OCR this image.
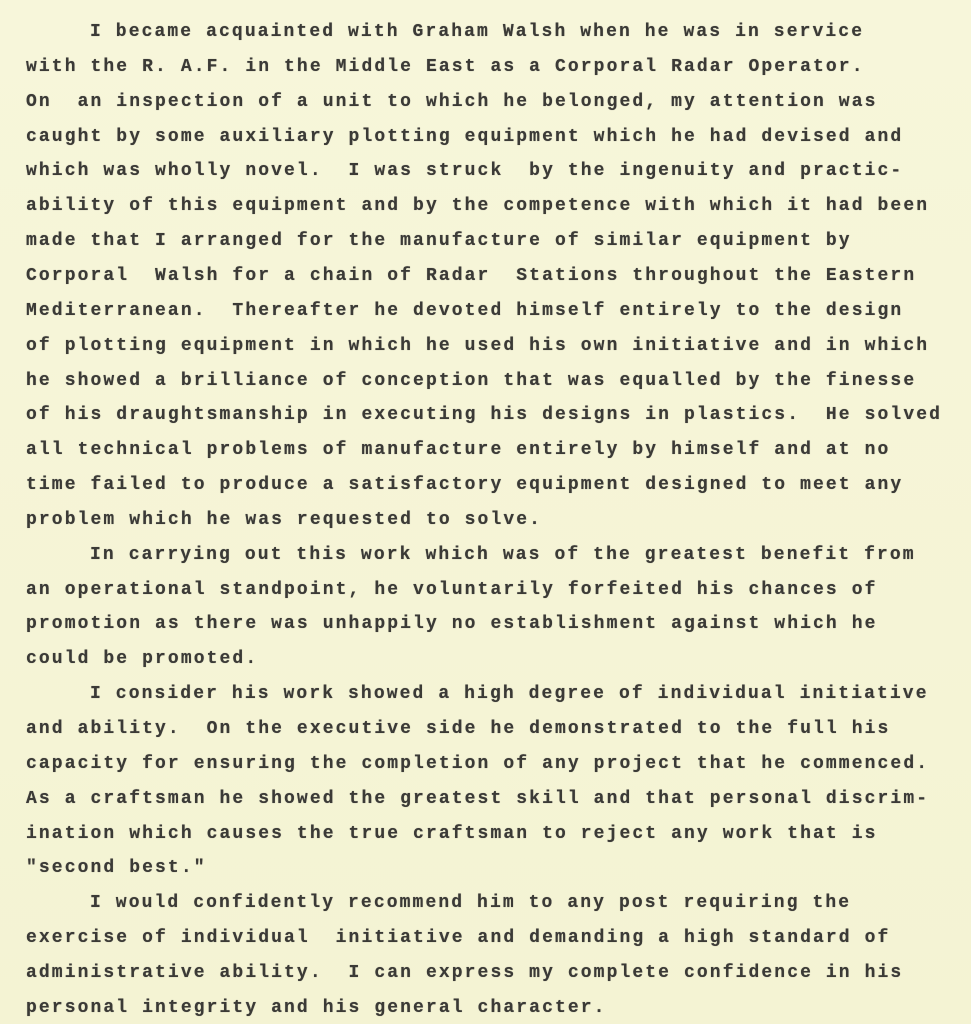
I became acquainted with Graham Walsh when he was in service
with the R. A.F. in the Middle East as a Corporal Radar Operator.
On  an inspection of a unit to which he belonged, my attention was
caught by some auxiliary plotting equipment which he had devised and
which was wholly novel.  I was struck  by the ingenuity and practic-
ability of this equipment and by the competence with which it had been
made that I arranged for the manufacture of similar equipment by
Corporal  Walsh for a chain of Radar  Stations throughout the Eastern
Mediterranean.  Thereafter he devoted himself entirely to the design
of plotting equipment in which he used his own initiative and in which
he showed a brilliance of conception that was equalled by the finesse
of his draughtsmanship in executing his designs in plastics.  He solved
all technical problems of manufacture entirely by himself and at no
time failed to produce a satisfactory equipment designed to meet any
problem which he was requested to solve.
In carrying out this work which was of the greatest benefit from
an operational standpoint, he voluntarily forfeited his chances of
promotion as there was unhappily no establishment against which he
could be promoted.
I consider his work showed a high degree of individual initiative
and ability.  On the executive side he demonstrated to the full his
capacity for ensuring the completion of any project that he commenced.
As a craftsman he showed the greatest skill and that personal discrim-
ination which causes the true craftsman to reject any work that is
"second best."
I would confidently recommend him to any post requiring the
exercise of individual  initiative and demanding a high standard of
administrative ability.  I can express my complete confidence in his
personal integrity and his general character.
